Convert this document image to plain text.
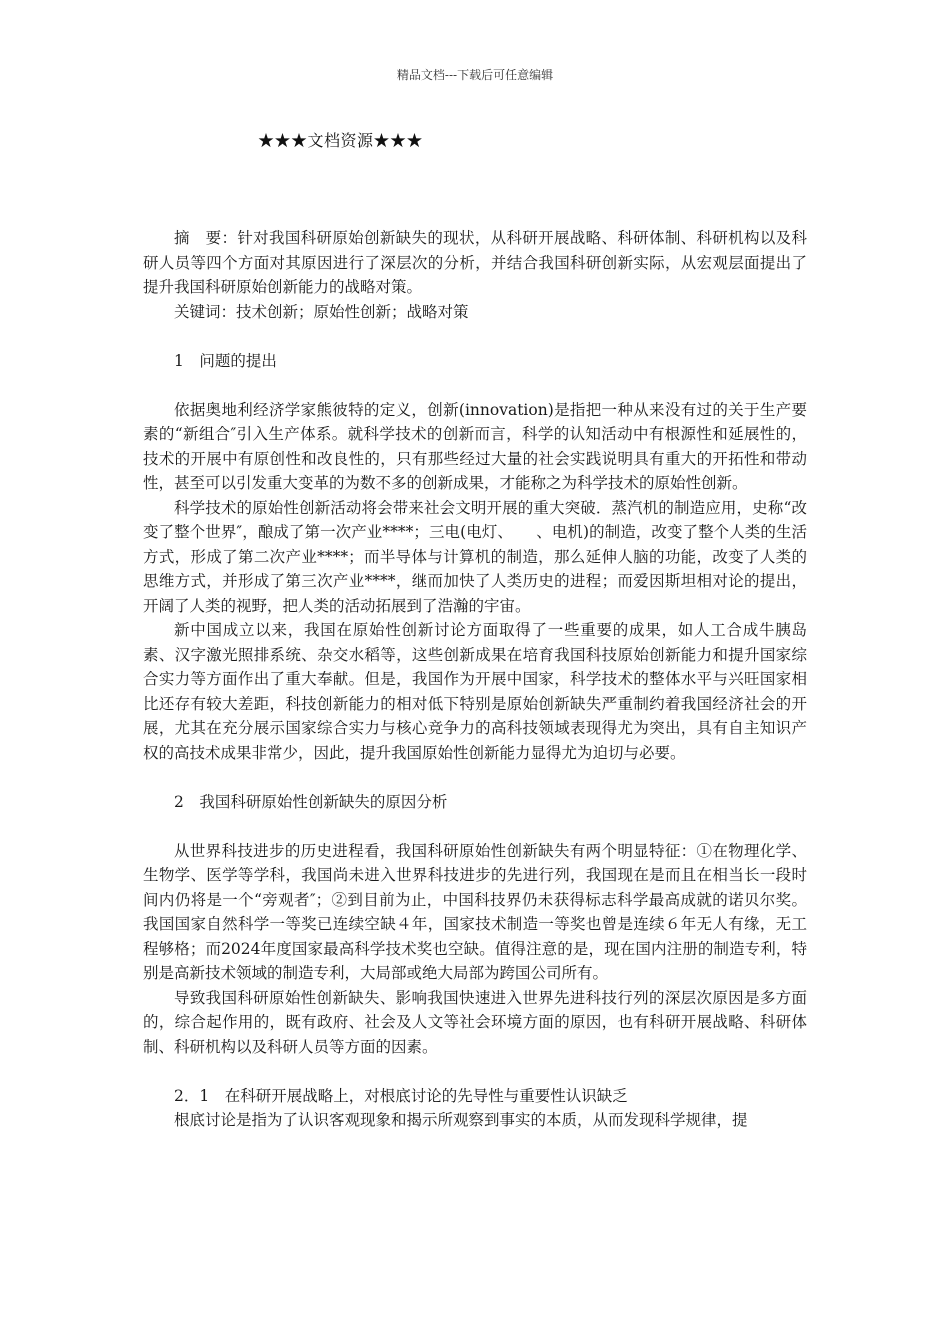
精品文档---下载后可任意编辑
★★★文档资源★★★

摘　要：针对我国科研原始创新缺失的现状，从科研开展战略、科研体制、科研机构以及科研人员等四个方面对其原因进行了深层次的分析，并结合我国科研创新实际，从宏观层面提出了提升我国科研原始创新能力的战略对策。

关键词：技术创新；原始性创新；战略对策

1　问题的提出

依据奥地利经济学家熊彼特的定义，创新(innovation)是指把一种从来没有过的关于生产要素的“新组合″引入生产体系。就科学技术的创新而言，科学的认知活动中有根源性和延展性的，技术的开展中有原创性和改良性的，只有那些经过大量的社会实践说明具有重大的开拓性和带动性，甚至可以引发重大变革的为数不多的创新成果，才能称之为科学技术的原始性创新。

科学技术的原始性创新活动将会带来社会文明开展的重大突破．蒸汽机的制造应用，史称“改变了整个世界″，酿成了第一次产业****；三电(电灯、　　、电机)的制造，改变了整个人类的生活方式，形成了第二次产业****；而半导体与计算机的制造，那么延伸人脑的功能，改变了人类的思维方式，并形成了第三次产业****，继而加快了人类历史的进程；而爱因斯坦相对论的提出，开阔了人类的视野，把人类的活动拓展到了浩瀚的宇宙。

新中国成立以来，我国在原始性创新讨论方面取得了一些重要的成果，如人工合成牛胰岛素、汉字激光照排系统、杂交水稻等，这些创新成果在培育我国科技原始创新能力和提升国家综合实力等方面作出了重大奉献。但是，我国作为开展中国家，科学技术的整体水平与兴旺国家相比还存有较大差距，科技创新能力的相对低下特别是原始创新缺失严重制约着我国经济社会的开展，尤其在充分展示国家综合实力与核心竞争力的高科技领域表现得尤为突出，具有自主知识产权的高技术成果非常少，因此，提升我国原始性创新能力显得尤为迫切与必要。

2　我国科研原始性创新缺失的原因分析

从世界科技进步的历史进程看，我国科研原始性创新缺失有两个明显特征：①在物理化学、生物学、医学等学科，我国尚未进入世界科技进步的先进行列，我国现在是而且在相当长一段时间内仍将是一个“旁观者″；②到目前为止，中国科技界仍未获得标志科学最高成就的诺贝尔奖。我国国家自然科学一等奖已连续空缺４年，国家技术制造一等奖也曾是连续６年无人有缘，无工程够格；而2024年度国家最高科学技术奖也空缺。值得注意的是，现在国内注册的制造专利，特别是高新技术领域的制造专利，大局部或绝大局部为跨国公司所有。

导致我国科研原始性创新缺失、影响我国快速进入世界先进科技行列的深层次原因是多方面的，综合起作用的，既有政府、社会及人文等社会环境方面的原因，也有科研开展战略、科研体制、科研机构以及科研人员等方面的因素。

2．1　在科研开展战略上，对根底讨论的先导性与重要性认识缺乏

根底讨论是指为了认识客观现象和揭示所观察到事实的本质，从而发现科学规律，提
